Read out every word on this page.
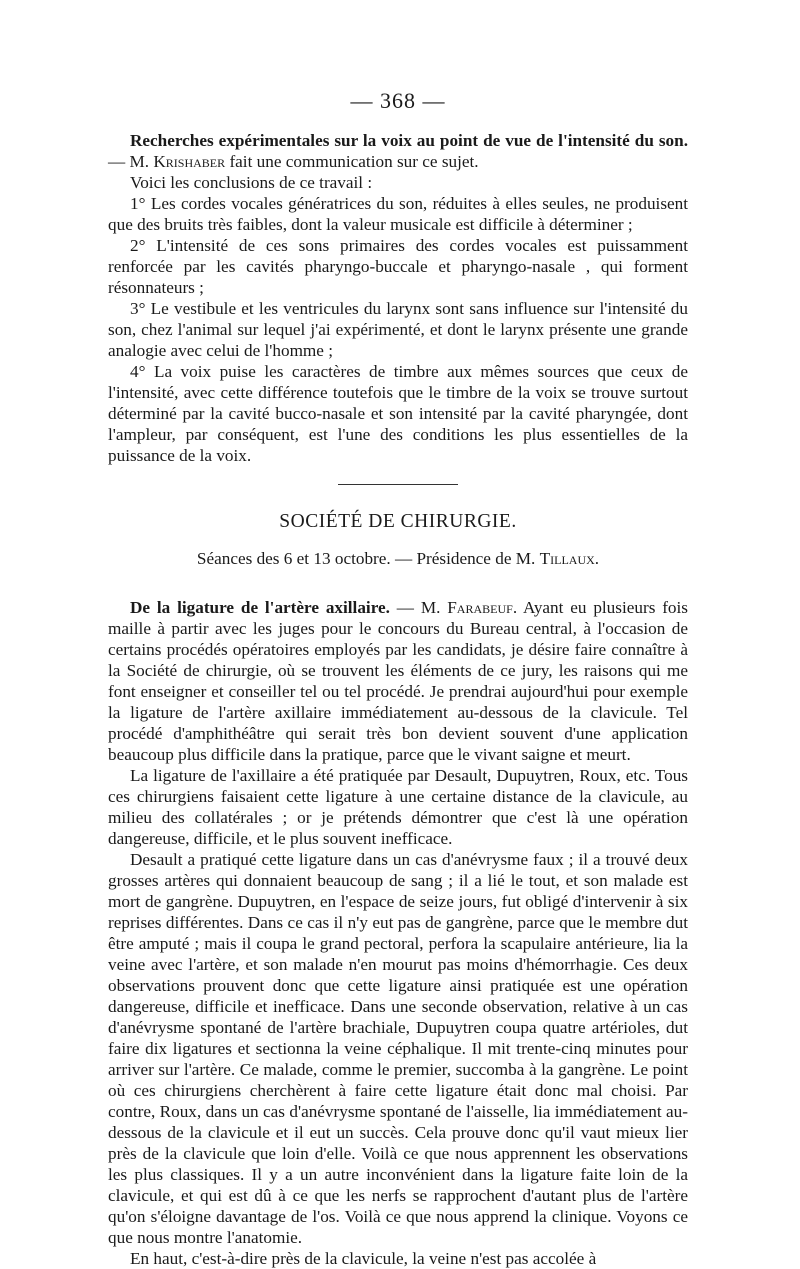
— 368 —

Recherches expérimentales sur la voix au point de vue de l'intensité du son. — M. Krishaber fait une communication sur ce sujet.

Voici les conclusions de ce travail :

1° Les cordes vocales génératrices du son, réduites à elles seules, ne produisent que des bruits très faibles, dont la valeur musicale est difficile à déterminer ;

2° L'intensité de ces sons primaires des cordes vocales est puissamment renforcée par les cavités pharyngo-buccale et pharyngo-nasale , qui forment résonnateurs ;

3° Le vestibule et les ventricules du larynx sont sans influence sur l'intensité du son, chez l'animal sur lequel j'ai expérimenté, et dont le larynx présente une grande analogie avec celui de l'homme ;

4° La voix puise les caractères de timbre aux mêmes sources que ceux de l'intensité, avec cette différence toutefois que le timbre de la voix se trouve surtout déterminé par la cavité bucco-nasale et son intensité par la cavité pharyngée, dont l'ampleur, par conséquent, est l'une des conditions les plus essentielles de la puissance de la voix.

SOCIÉTÉ DE CHIRURGIE.
Séances des 6 et 13 octobre. — Présidence de M. Tillaux.

De la ligature de l'artère axillaire. — M. Farabeuf. Ayant eu plusieurs fois maille à partir avec les juges pour le concours du Bureau central, à l'occasion de certains procédés opératoires employés par les candidats, je désire faire connaître à la Société de chirurgie, où se trouvent les éléments de ce jury, les raisons qui me font enseigner et conseiller tel ou tel procédé. Je prendrai aujourd'hui pour exemple la ligature de l'artère axillaire immédiatement au-dessous de la clavicule. Tel procédé d'amphithéâtre qui serait très bon devient souvent d'une application beaucoup plus difficile dans la pratique, parce que le vivant saigne et meurt.

La ligature de l'axillaire a été pratiquée par Desault, Dupuytren, Roux, etc. Tous ces chirurgiens faisaient cette ligature à une certaine distance de la clavicule, au milieu des collatérales ; or je prétends démontrer que c'est là une opération dangereuse, difficile, et le plus souvent inefficace.

Desault a pratiqué cette ligature dans un cas d'anévrysme faux ; il a trouvé deux grosses artères qui donnaient beaucoup de sang ; il a lié le tout, et son malade est mort de gangrène. Dupuytren, en l'espace de seize jours, fut obligé d'intervenir à six reprises différentes. Dans ce cas il n'y eut pas de gangrène, parce que le membre dut être amputé ; mais il coupa le grand pectoral, perfora la scapulaire antérieure, lia la veine avec l'artère, et son malade n'en mourut pas moins d'hémorrhagie. Ces deux observations prouvent donc que cette ligature ainsi pratiquée est une opération dangereuse, difficile et inefficace. Dans une seconde observation, relative à un cas d'anévrysme spontané de l'artère brachiale, Dupuytren coupa quatre artérioles, dut faire dix ligatures et sectionna la veine céphalique. Il mit trente-cinq minutes pour arriver sur l'artère. Ce malade, comme le premier, succomba à la gangrène. Le point où ces chirurgiens cherchèrent à faire cette ligature était donc mal choisi. Par contre, Roux, dans un cas d'anévrysme spontané de l'aisselle, lia immédiatement au-dessous de la clavicule et il eut un succès. Cela prouve donc qu'il vaut mieux lier près de la clavicule que loin d'elle. Voilà ce que nous apprennent les observations les plus classiques. Il y a un autre inconvénient dans la ligature faite loin de la clavicule, et qui est dû à ce que les nerfs se rapprochent d'autant plus de l'artère qu'on s'éloigne davantage de l'os. Voilà ce que nous apprend la clinique. Voyons ce que nous montre l'anatomie.

En haut, c'est-à-dire près de la clavicule, la veine n'est pas accolée à
